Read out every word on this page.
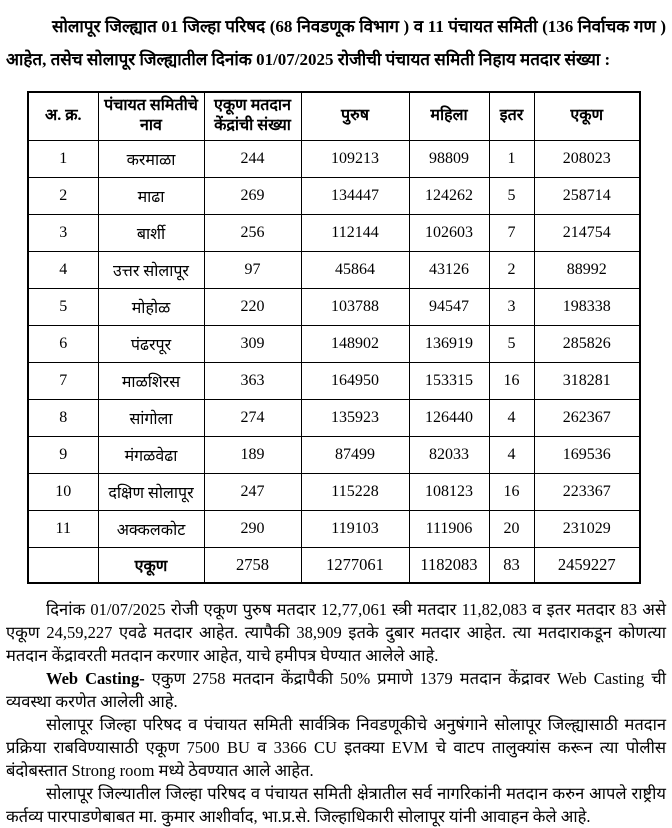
सोलापूर जिल्ह्यात 01 जिल्हा परिषद (68 निवडणूक विभाग ) व 11 पंचायत समिती (136 निर्वाचक गण ) आहेत, तसेच सोलापूर जिल्ह्यातील दिनांक 01/07/2025 रोजीची पंचायत समिती निहाय मतदार संख्या :

अ. क्र.	पंचायत समितीचे नाव	एकूण मतदान केंद्रांची संख्या	पुरुष	महिला	इतर	एकूण
1	करमाळा	244	109213	98809	1	208023
2	माढा	269	134447	124262	5	258714
3	बार्शी	256	112144	102603	7	214754
4	उत्तर सोलापूर	97	45864	43126	2	88992
5	मोहोळ	220	103788	94547	3	198338
6	पंढरपूर	309	148902	136919	5	285826
7	माळशिरस	363	164950	153315	16	318281
8	सांगोला	274	135923	126440	4	262367
9	मंगळवेढा	189	87499	82033	4	169536
10	दक्षिण सोलापूर	247	115228	108123	16	223367
11	अक्कलकोट	290	119103	111906	20	231029
	एकूण	2758	1277061	1182083	83	2459227

दिनांक 01/07/2025 रोजी एकूण पुरुष मतदार 12,77,061 स्त्री मतदार 11,82,083 व इतर मतदार 83 असे एकूण 24,59,227 एवढे मतदार आहेत. त्यापैकी 38,909 इतके दुबार मतदार आहेत. त्या मतदाराकडून कोणत्या मतदान केंद्रावरती मतदान करणार आहेत, याचे हमीपत्र घेण्यात आलेले आहे.

Web Casting- एकुण 2758 मतदान केंद्रापैकी 50% प्रमाणे 1379 मतदान केंद्रावर Web Casting ची व्यवस्था करणेत आलेली आहे.

सोलापूर जिल्हा परिषद व पंचायत समिती सार्वत्रिक निवडणूकीचे अनुषंगाने सोलापूर जिल्ह्यासाठी मतदान प्रक्रिया राबविण्यासाठी एकूण 7500 BU व 3366 CU इतक्या EVM चे वाटप तालुक्यांस करून त्या पोलीस बंदोबस्तात Strong room मध्ये ठेवण्यात आले आहेत.

सोलापूर जिल्यातील जिल्हा परिषद व पंचायत समिती क्षेत्रातील सर्व नागरिकांनी मतदान करुन आपले राष्ट्रीय कर्तव्य पारपाडणेबाबत मा. कुमार आशीर्वाद, भा.प्र.से. जिल्हाधिकारी सोलापूर यांनी आवाहन केले आहे.
